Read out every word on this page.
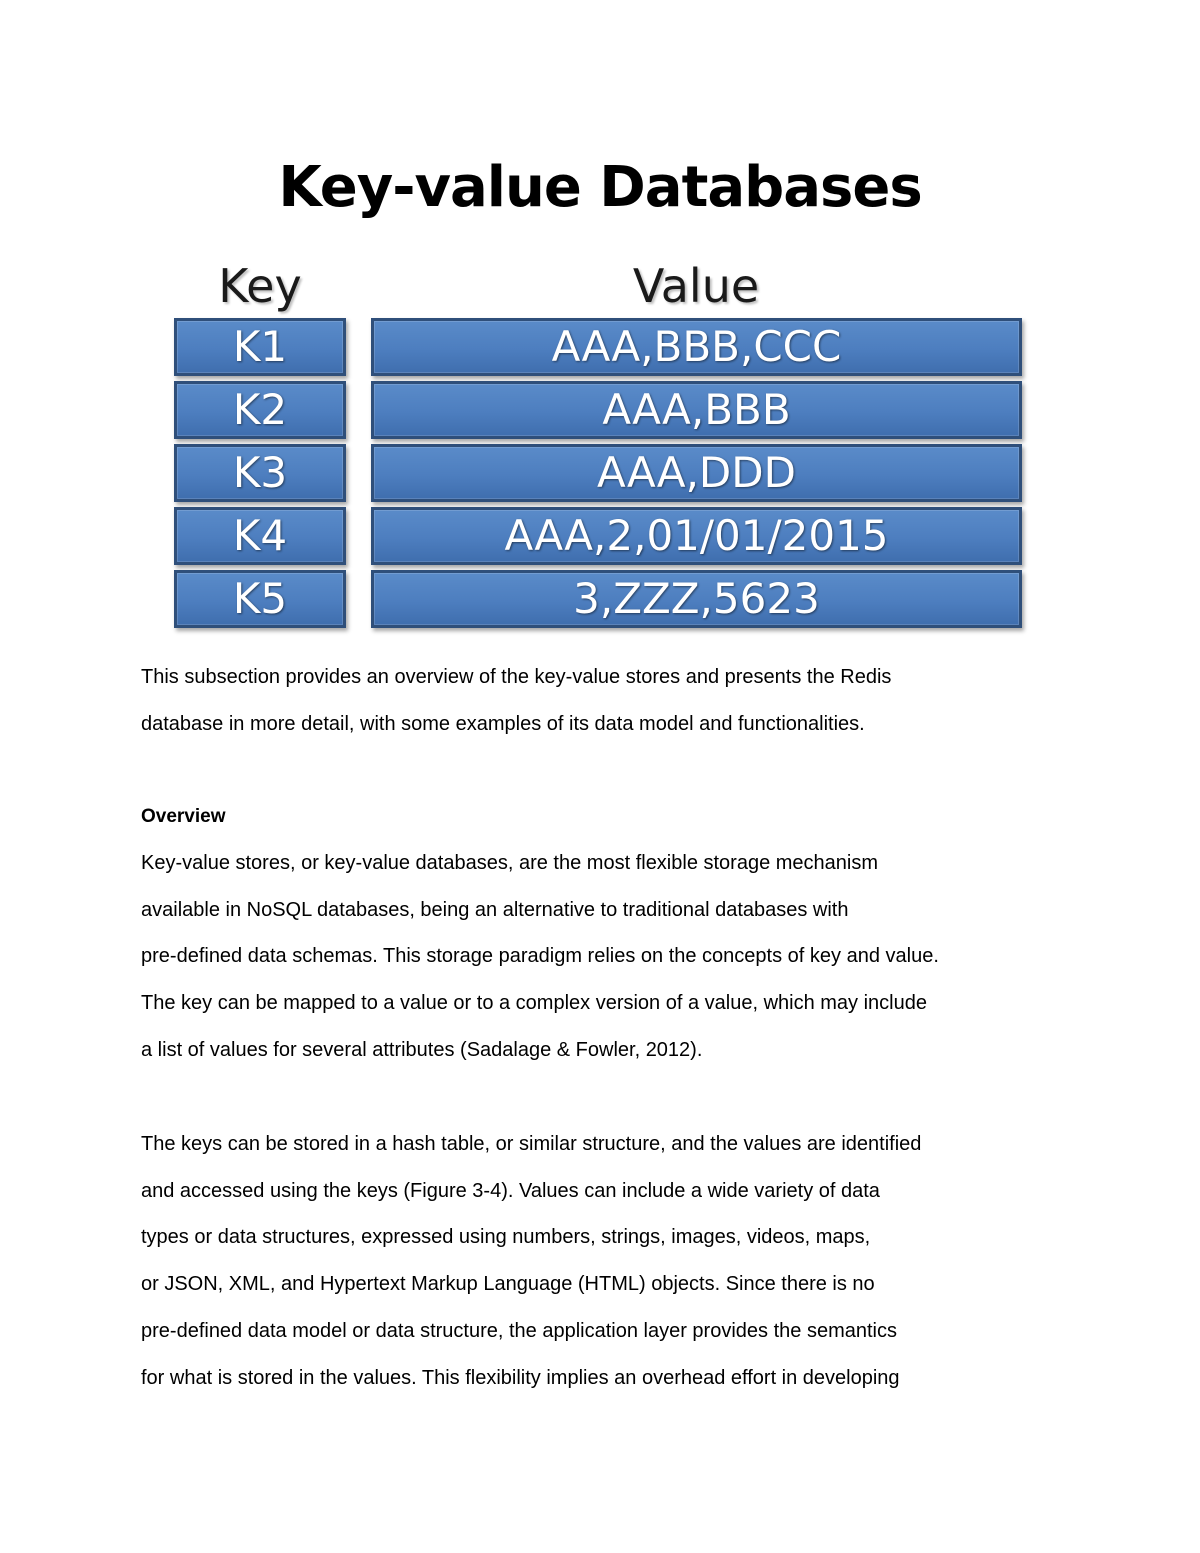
Key-value Databases
Key	Value
K1	AAA,BBB,CCC
K2	AAA,BBB
K3	AAA,DDD
K4	AAA,2,01/01/2015
K5	3,ZZZ,5623
This subsection provides an overview of the key-value stores and presents the Redis
database in more detail, with some examples of its data model and functionalities.
Overview
Key-value stores, or key-value databases, are the most flexible storage mechanism
available in NoSQL databases, being an alternative to traditional databases with
pre-defined data schemas. This storage paradigm relies on the concepts of key and value.
The key can be mapped to a value or to a complex version of a value, which may include
a list of values for several attributes (Sadalage & Fowler, 2012).
The keys can be stored in a hash table, or similar structure, and the values are identified
and accessed using the keys (Figure 3-4). Values can include a wide variety of data
types or data structures, expressed using numbers, strings, images, videos, maps,
or JSON, XML, and Hypertext Markup Language (HTML) objects. Since there is no
pre-defined data model or data structure, the application layer provides the semantics
for what is stored in the values. This flexibility implies an overhead effort in developing
